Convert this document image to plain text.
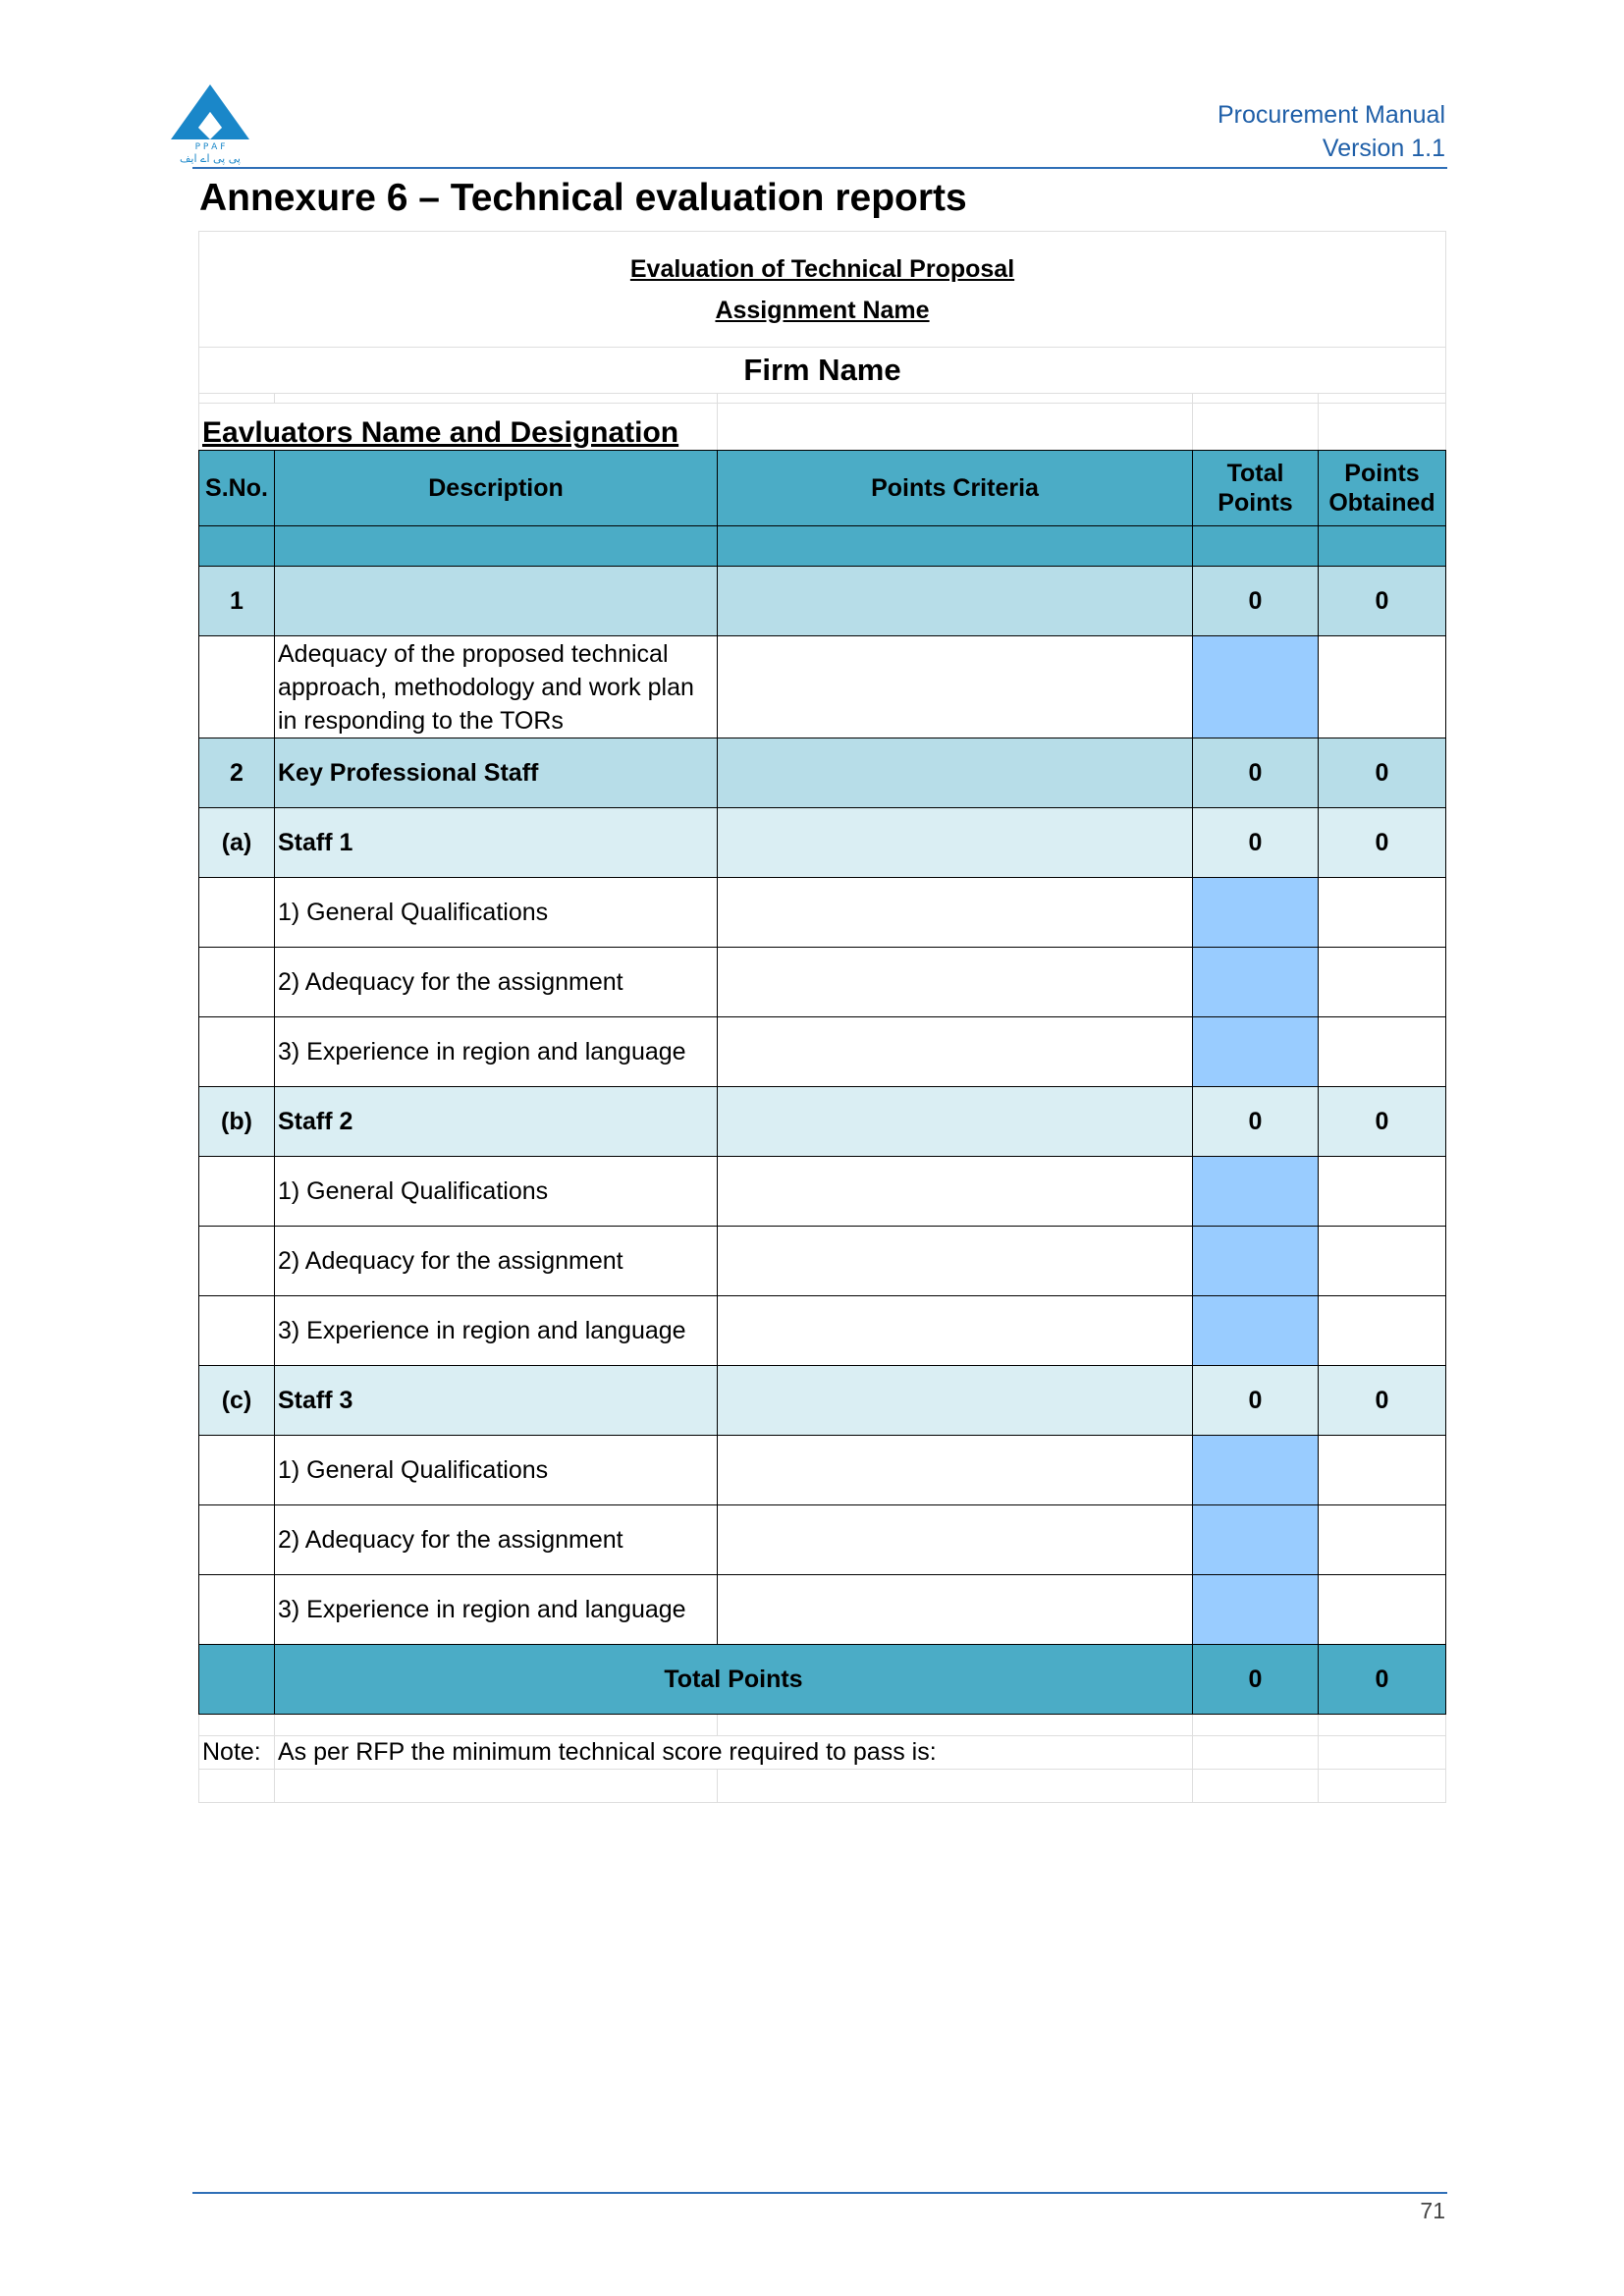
P P A F
پی پی اے ایف
Procurement Manual
Version 1.1
Annexure 6 – Technical evaluation reports
Evaluation of Technical Proposal
Assignment Name				

Firm Name				

Eavluators Name and Designation				
S.No.	Description	Points Criteria	Total Points	Points Obtained

1			0	0
	Adequacy of the proposed technical approach, methodology and work plan in responding to the TORs			
2	Key Professional Staff		0	0
(a)	Staff 1		0	0
	1) General Qualifications			
	2) Adequacy for the assignment			
	3) Experience in region and language			
(b)	Staff 2		0	0
	1) General Qualifications			
	2) Adequacy for the assignment			
	3) Experience in region and language			
(c)	Staff 3		0	0
	1) General Qualifications			
	2) Adequacy for the assignment			
	3) Experience in region and language			
	Total Points		0	0

Note:	As per RFP the minimum technical score required to pass is:			

71
